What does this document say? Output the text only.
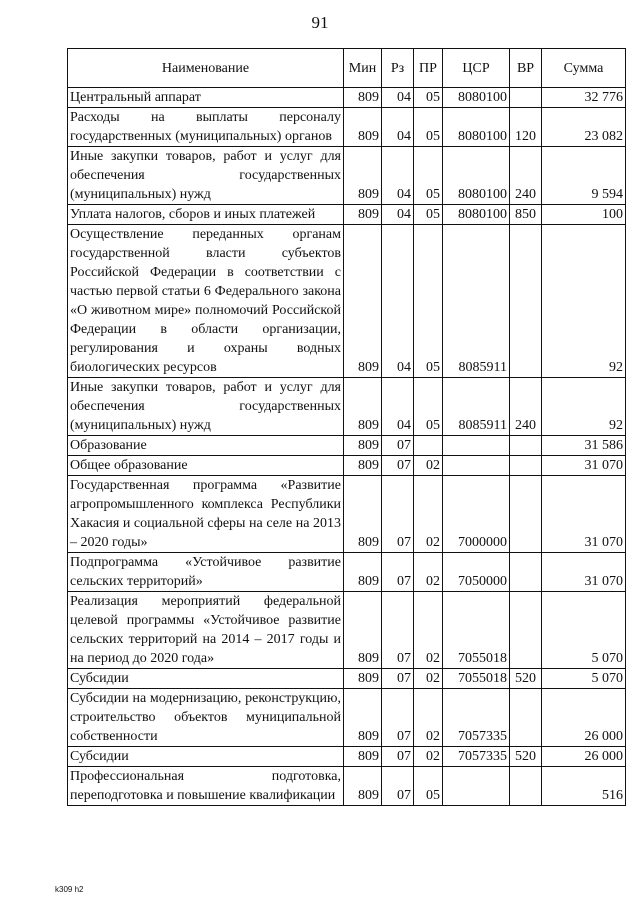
91
Наименование	Мин	Рз	ПР	ЦСР	ВР	Сумма
Центральный аппарат	809	04	05	8080100		32 776
Расходы на выплаты персоналу государственных (муниципальных) органов	809	04	05	8080100	120	23 082
Иные закупки товаров, работ и услуг для обеспечения государственных (муниципальных) нужд	809	04	05	8080100	240	9 594
Уплата налогов, сборов и иных платежей	809	04	05	8080100	850	100
Осуществление переданных органам государственной власти субъектов Российской Федерации в соответствии с частью первой статьи 6 Федерального закона «О животном мире» полномочий Российской Федерации в области организации, регулирования и охраны водных биологических ресурсов	809	04	05	8085911		92
Иные закупки товаров, работ и услуг для обеспечения государственных (муниципальных) нужд	809	04	05	8085911	240	92
Образование	809	07				31 586
Общее образование	809	07	02			31 070
Государственная программа «Развитие агропромышленного комплекса Республики Хакасия и социальной сферы на селе на 2013 – 2020 годы»	809	07	02	7000000		31 070
Подпрограмма «Устойчивое развитие сельских территорий»	809	07	02	7050000		31 070
Реализация мероприятий федеральной целевой программы «Устойчивое развитие сельских территорий на 2014 – 2017 годы и на период до 2020 года»	809	07	02	7055018		5 070
Субсидии	809	07	02	7055018	520	5 070
Субсидии на модернизацию, реконструкцию, строительство объектов муниципальной собственности	809	07	02	7057335		26 000
Субсидии	809	07	02	7057335	520	26 000
Профессиональная подготовка, переподготовка и повышение квалификации	809	07	05			516
k309 h2
